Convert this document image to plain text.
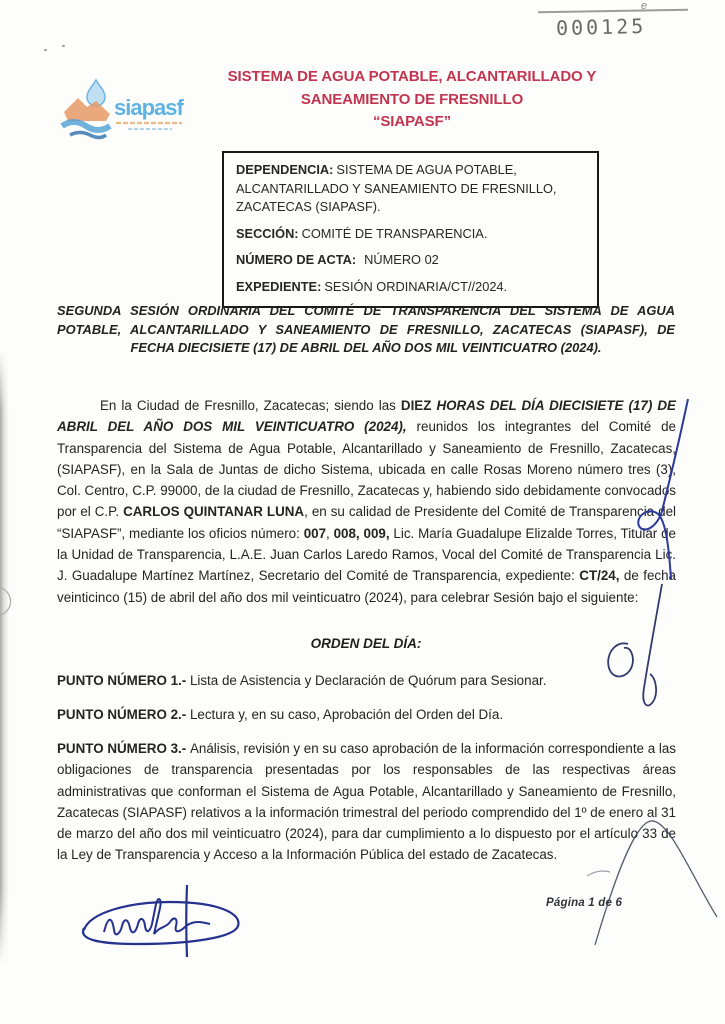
e
000125
siapasf
SISTEMA DE AGUA POTABLE, ALCANTARILLADO Y
SANEAMIENTO DE FRESNILLO
“SIAPASF”
DEPENDENCIA: SISTEMA DE AGUA POTABLE, ALCANTARILLADO Y SANEAMIENTO DE FRESNILLO, ZACATECAS (SIAPASF).
SECCIÓN: COMITÉ DE TRANSPARENCIA.
NÚMERO DE ACTA: NÚMERO 02
EXPEDIENTE: SESIÓN ORDINARIA/CT//2024.
SEGUNDA SESIÓN ORDINARIA DEL COMITÉ DE TRANSPARENCIA DEL SISTEMA DE AGUA POTABLE, ALCANTARILLADO Y SANEAMIENTO DE FRESNILLO, ZACATECAS (SIAPASF), DE FECHA DIECISIETE (17) DE ABRIL DEL AÑO DOS MIL VEINTICUATRO (2024).

En la Ciudad de Fresnillo, Zacatecas; siendo las DIEZ HORAS DEL DÍA DIECISIETE (17) DE ABRIL DEL AÑO DOS MIL VEINTICUATRO (2024), reunidos los integrantes del Comité de Transparencia del Sistema de Agua Potable, Alcantarillado y Saneamiento de Fresnillo, Zacatecas, (SIAPASF), en la Sala de Juntas de dicho Sistema, ubicada en calle Rosas Moreno número tres (3), Col. Centro, C.P. 99000, de la ciudad de Fresnillo, Zacatecas y, habiendo sido debidamente convocados por el C.P. CARLOS QUINTANAR LUNA, en su calidad de Presidente del Comité de Transparencia del “SIAPASF”, mediante los oficios número: 007, 008, 009, Lic. María Guadalupe Elizalde Torres, Titular de la Unidad de Transparencia, L.A.E. Juan Carlos Laredo Ramos, Vocal del Comité de Transparencia Lic. J. Guadalupe Martínez Martínez, Secretario del Comité de Transparencia, expediente: CT/24, de fecha veinticinco (15) de abril del año dos mil veinticuatro (2024), para celebrar Sesión bajo el siguiente:

ORDEN DEL DÍA:

PUNTO NÚMERO 1.- Lista de Asistencia y Declaración de Quórum para Sesionar.

PUNTO NÚMERO 2.- Lectura y, en su caso, Aprobación del Orden del Día.

PUNTO NÚMERO 3.- Análisis, revisión y en su caso aprobación de la información correspondiente a las obligaciones de transparencia presentadas por los responsables de las respectivas áreas administrativas que conforman el Sistema de Agua Potable, Alcantarillado y Saneamiento de Fresnillo, Zacatecas (SIAPASF) relativos a la información trimestral del periodo comprendido del 1º de enero al 31 de marzo del año dos mil veinticuatro (2024), para dar cumplimiento a lo dispuesto por el artículo 33 de la Ley de Transparencia y Acceso a la Información Pública del estado de Zacatecas.

Página 1 de 6
